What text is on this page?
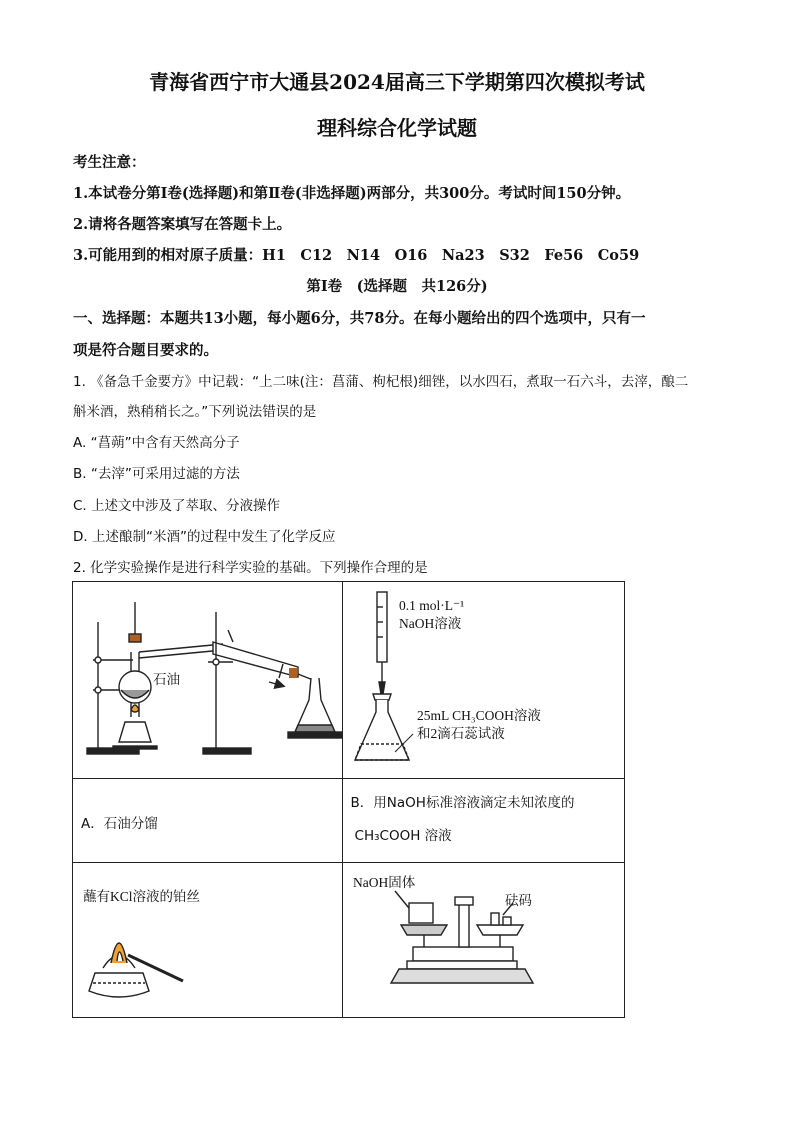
青海省西宁市大通县2024届高三下学期第四次模拟考试
理科综合化学试题
考生注意：
1.本试卷分第Ⅰ卷(选择题)和第Ⅱ卷(非选择题)两部分，共300分。考试时间150分钟。
2.请将各题答案填写在答题卡上。
3.可能用到的相对原子质量：H1　C12　N14　O16　Na23　S32　Fe56　Co59
第Ⅰ卷　(选择题　共126分)
一、选择题：本题共13小题，每小题6分，共78分。在每小题给出的四个选项中，只有一
项是符合题目要求的。
1. 《备急千金要方》中记载：“上二味(注：菖蒲、枸杞根)细锉，以水四石，煮取一石六斗，去滓，酿二
斛米酒，熟稍稍长之。”下列说法错误的是
A. “菖蒴”中含有天然高分子
B. “去滓”可采用过滤的方法
C. 上述文中涉及了萃取、分液操作
D. 上述酿制“米酒”的过程中发生了化学反应
2. 化学实验操作是进行科学实验的基础。下列操作合理的是
石油	0.1 mol·L⁻¹
NaOH溶液
25mL CH₃COOH溶液
和2滴石蕊试液

A．石油分馏	B．用NaOH标准溶液滴定未知浓度的
CH₃COOH 溶液

蘸有KCl溶液的铂丝	NaOH固体
砝码
